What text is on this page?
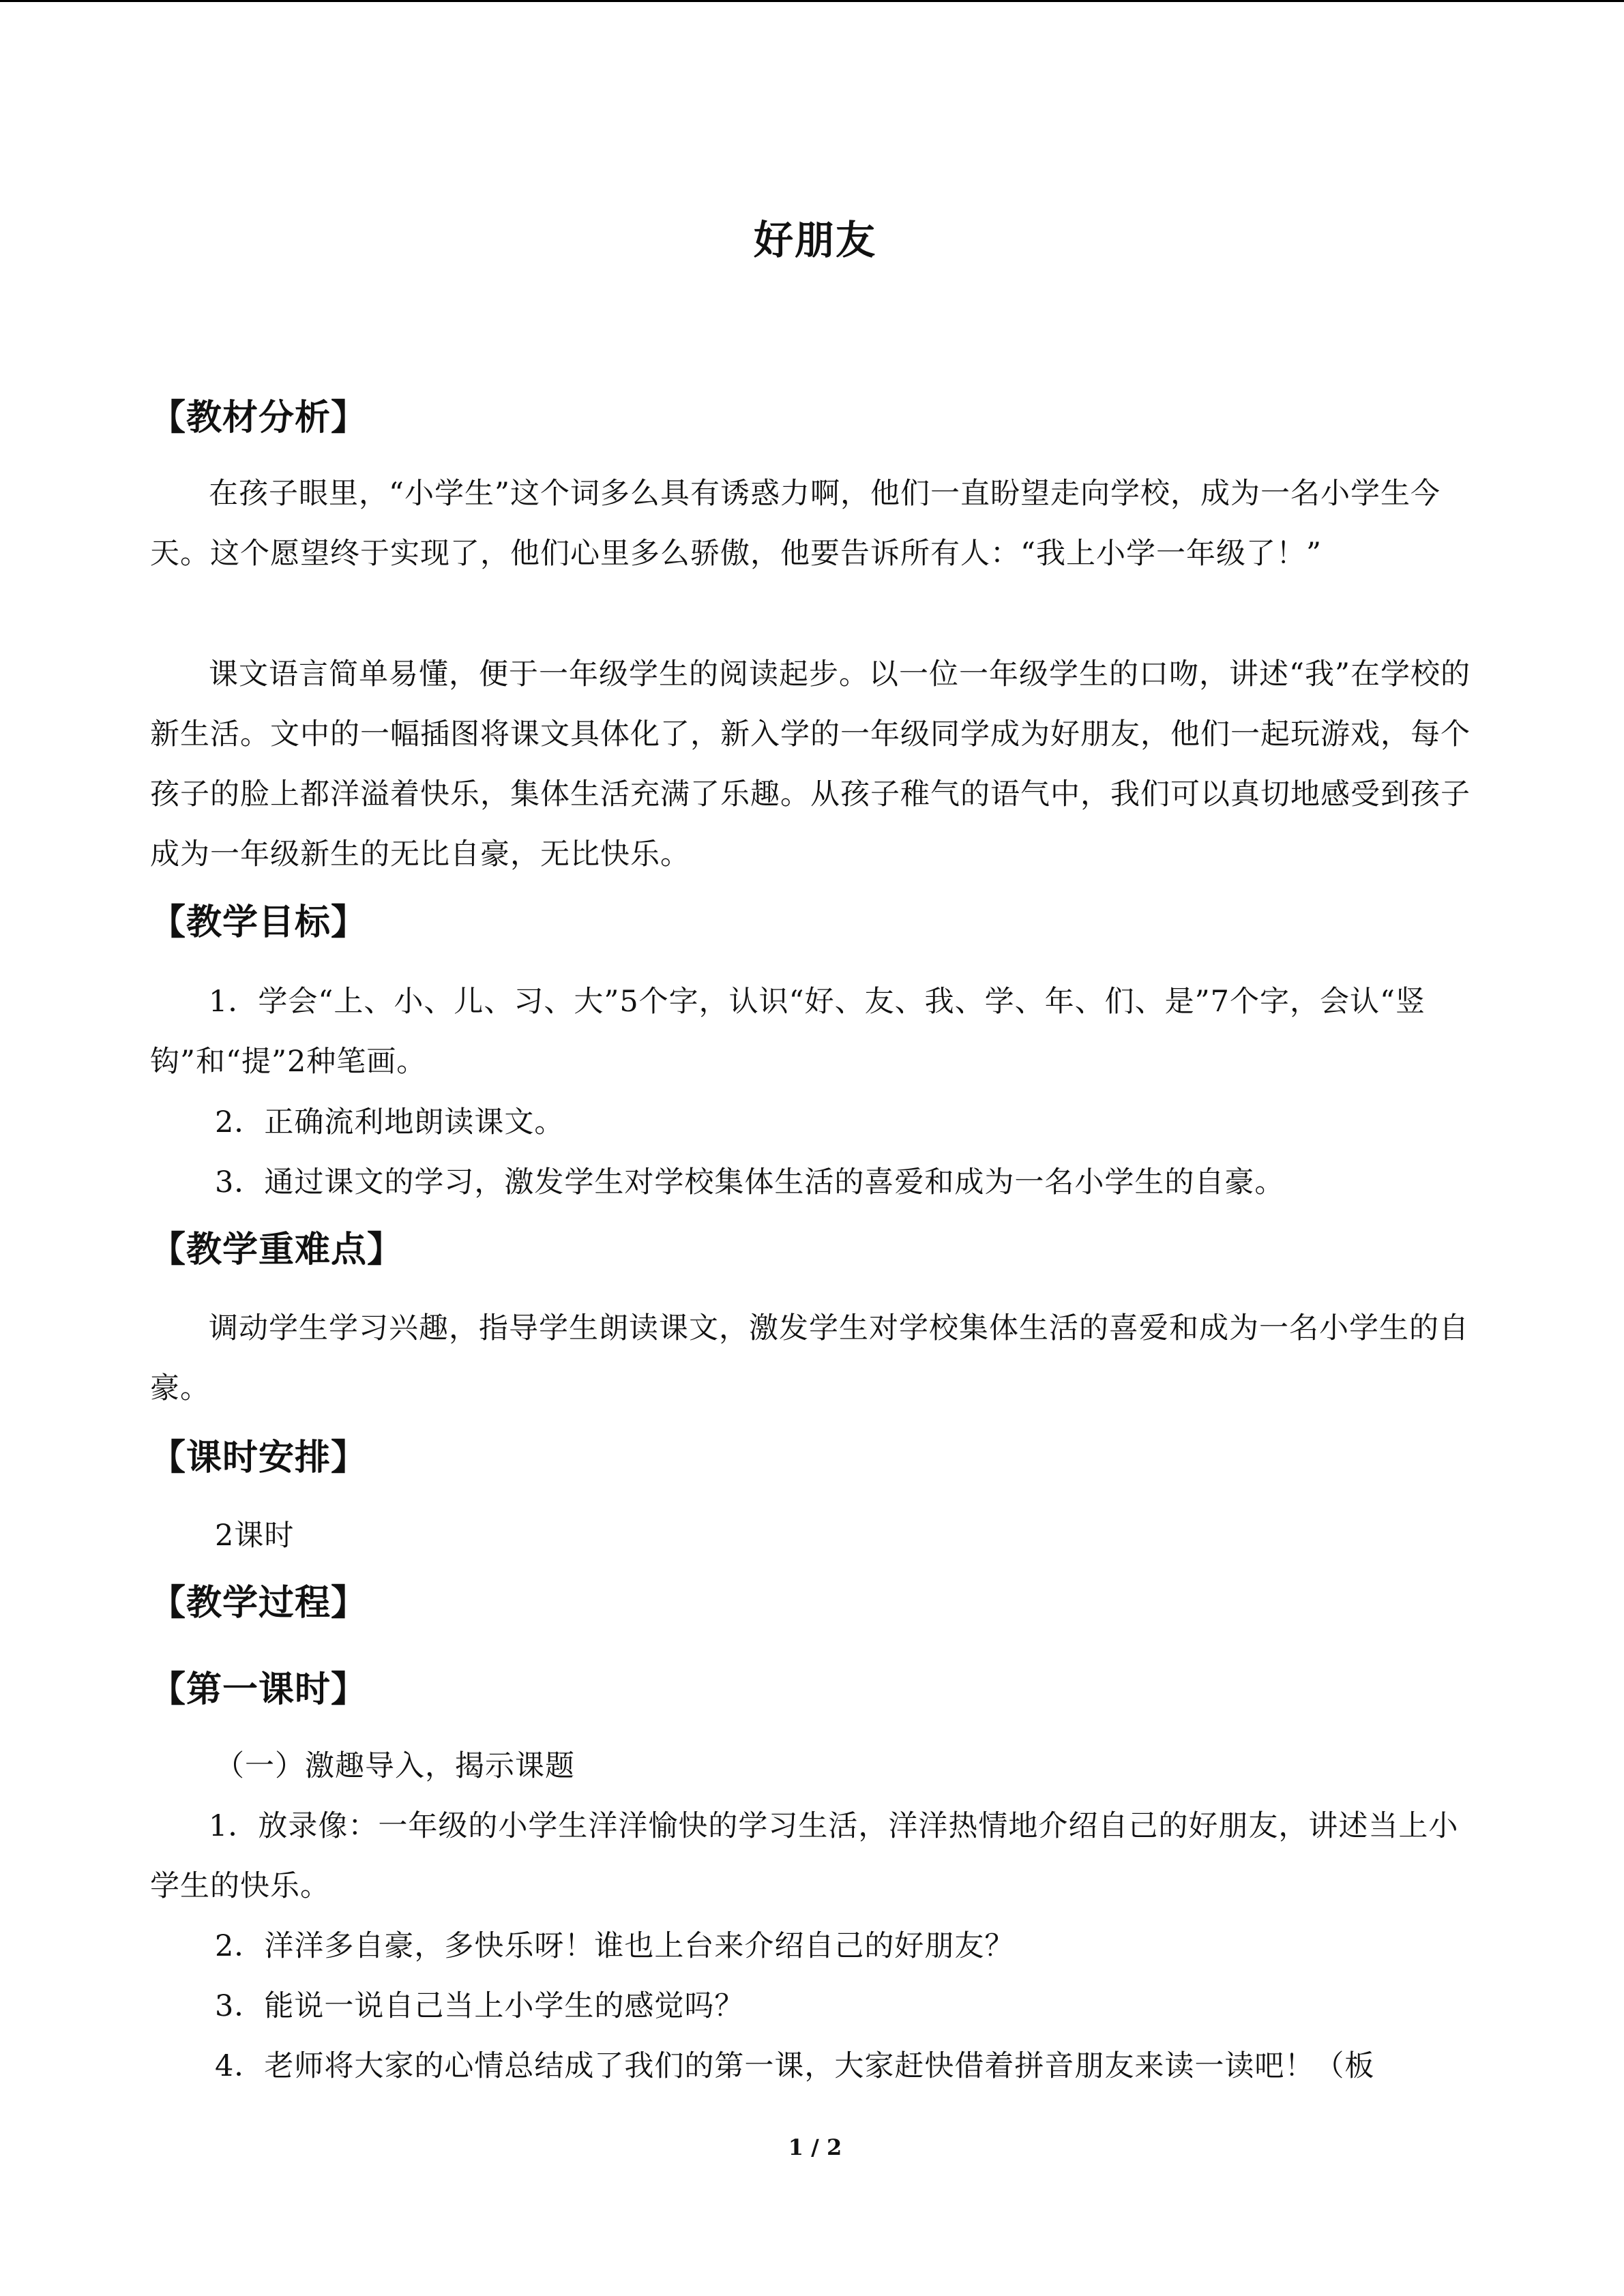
好朋友
【教材分析】

在孩子眼里，“小学生”这个词多么具有诱惑力啊，他们一直盼望走向学校，成为一名小学生今天。这个愿望终于实现了，他们心里多么骄傲，他要告诉所有人：“我上小学一年级了！”

课文语言简单易懂，便于一年级学生的阅读起步。以一位一年级学生的口吻，讲述“我”在学校的新生活。文中的一幅插图将课文具体化了，新入学的一年级同学成为好朋友，他们一起玩游戏，每个孩子的脸上都洋溢着快乐，集体生活充满了乐趣。从孩子稚气的语气中，我们可以真切地感受到孩子成为一年级新生的无比自豪，无比快乐。

【教学目标】

1．学会“上、小、儿、习、大”5个字，认识“好、友、我、学、年、们、是”7个字，会认“竖钩”和“提”2种笔画。

2．正确流利地朗读课文。
3．通过课文的学习，激发学生对学校集体生活的喜爱和成为一名小学生的自豪。
【教学重难点】

调动学生学习兴趣，指导学生朗读课文，激发学生对学校集体生活的喜爱和成为一名小学生的自豪。

【课时安排】
2课时
【教学过程】
【第一课时】
（一）激趣导入，揭示课题

1．放录像：一年级的小学生洋洋愉快的学习生活，洋洋热情地介绍自己的好朋友，讲述当上小学生的快乐。

2．洋洋多自豪，多快乐呀！谁也上台来介绍自己的好朋友？
3．能说一说自己当上小学生的感觉吗？
4．老师将大家的心情总结成了我们的第一课，大家赶快借着拼音朋友来读一读吧！（板
1 / 2
